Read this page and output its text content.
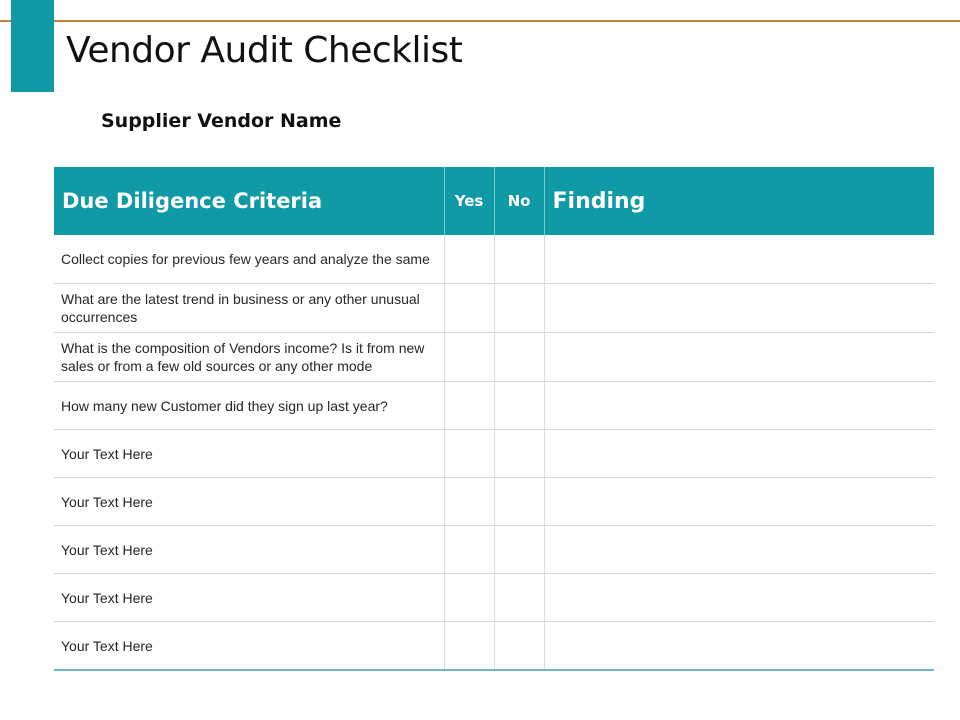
Vendor Audit Checklist
Supplier Vendor Name
Due Diligence Criteria	Yes	No	Finding
Collect copies for previous few years and analyze the same			
What are the latest trend in business or any other unusual occurrences			
What is the composition of Vendors income? Is it from new sales or from a few old sources or any other mode			
How many new Customer did they sign up last year?			
Your Text Here			
Your Text Here			
Your Text Here			
Your Text Here			
Your Text Here			
